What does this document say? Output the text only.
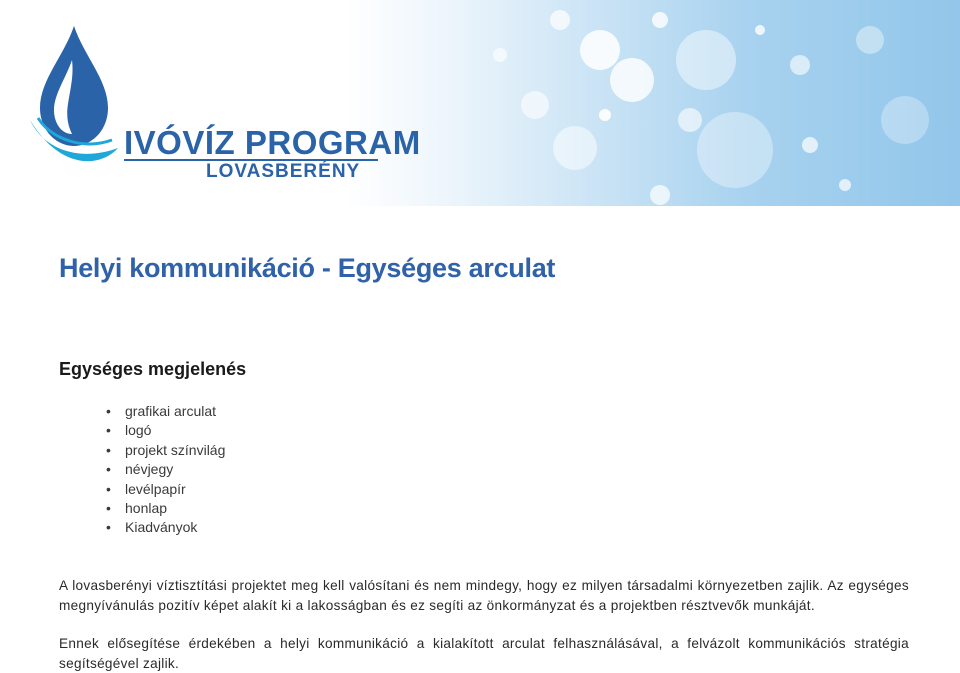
IVÓVÍZ PROGRAM
LOVASBERÉNY
Helyi kommunikáció - Egységes arculat
Egységes megjelenés
• grafikai arculat
• logó
• projekt színvilág
• névjegy
• levélpapír
• honlap
• Kiadványok

A lovasberényi víztisztítási projektet meg kell valósítani és nem mindegy, hogy ez milyen társadalmi környezetben zajlik. Az egységes megnyívánulás pozitív képet alakít ki a lakosságban és ez segíti az önkormányzat és a projektben résztvevők munkáját.

Ennek elősegítése érdekében a helyi kommunikáció a kialakított arculat felhasználásával, a felvázolt kommunikációs stratégia segítségével zajlik.
